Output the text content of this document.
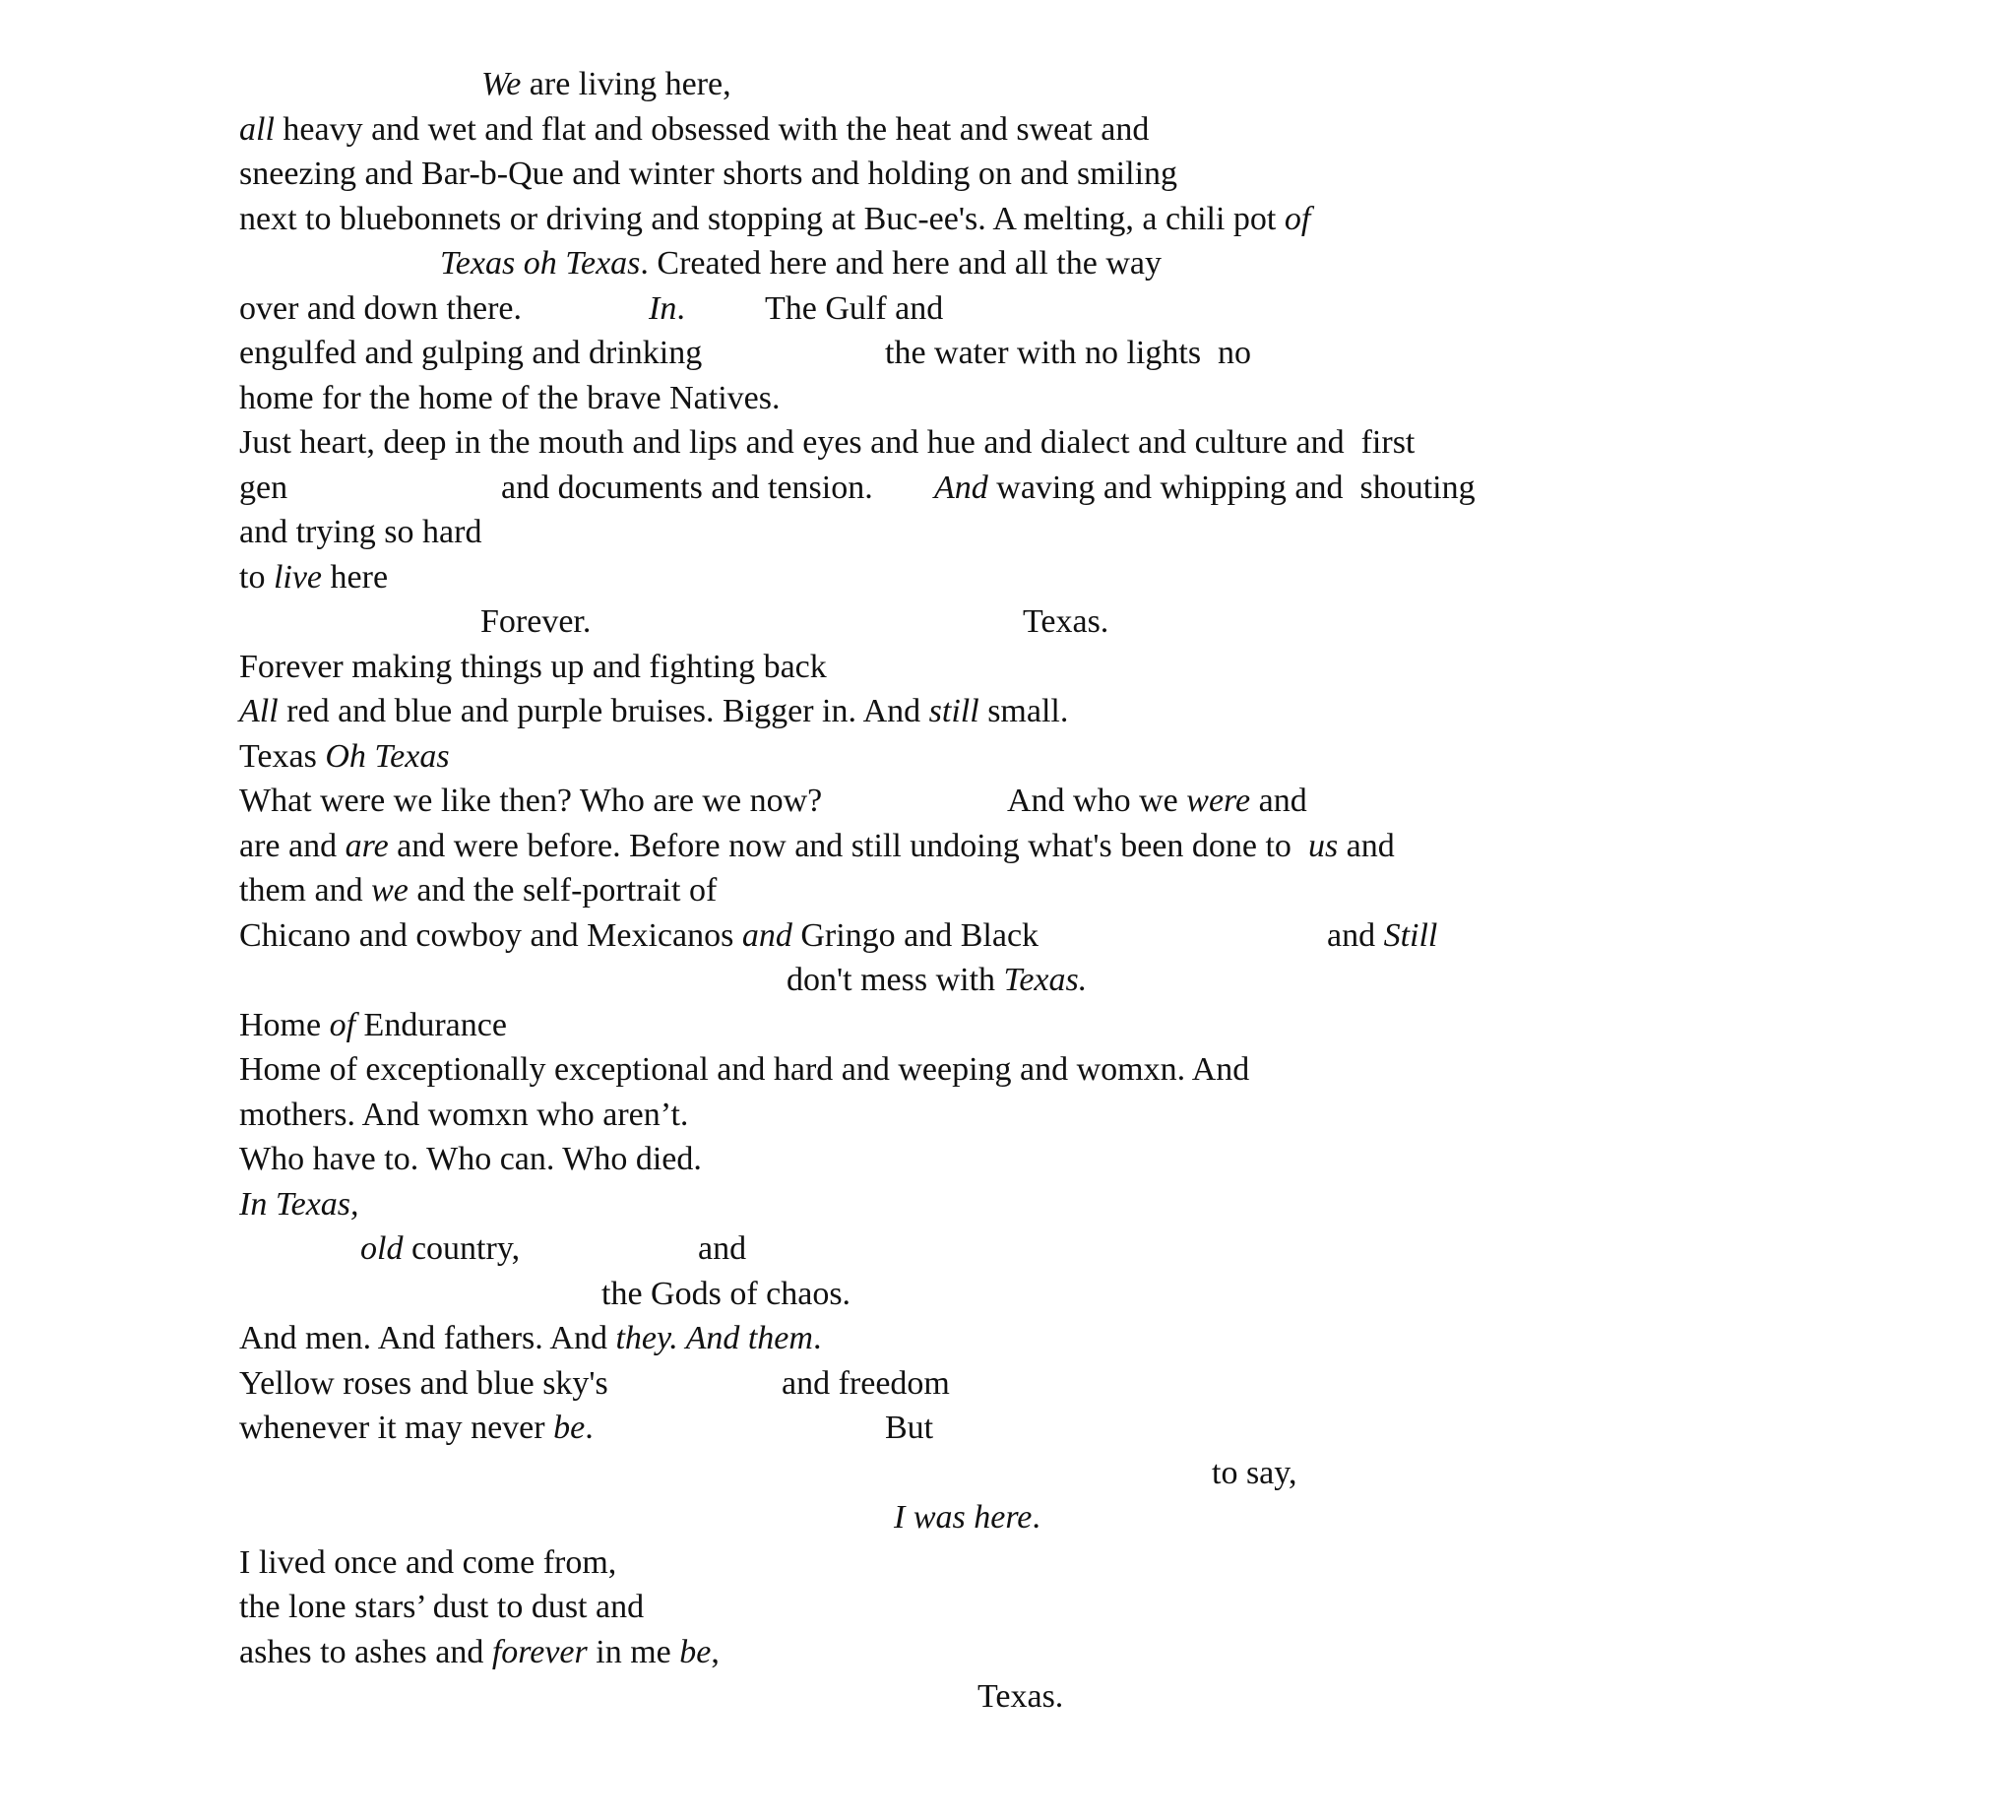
We are living here,
all heavy and wet and flat and obsessed with the heat and sweat and
sneezing and Bar-b-Que and winter shorts and holding on and smiling
next to bluebonnets or driving and stopping at Buc-ee's. A melting, a chili pot of
Texas oh Texas . Created here and here and all the way
over and down there.	In . The Gulf and
engulfed and gulping and drinking	the water with no lights  no
home for the home of the brave Natives.
Just heart, deep in the mouth and lips and eyes and hue and dialect and culture and  first
gen	and documents and tension. And waving and whipping and  shouting
and trying so hard
to live here
Forever.	Texas.
Forever making things up and fighting back
All red and blue and purple bruises. Bigger in. And still small.
Texas Oh Texas
What were we like then? Who are we now?	And who we were and
are and are and were before. Before now and still undoing what's been done to us and
them and we and the self-portrait of
Chicano and cowboy and Mexicanos and Gringo and Black	and Still
don't mess with Texas.
Home of Endurance
Home of exceptionally exceptional and hard and weeping and womxn. And
mothers. And womxn who aren’t.
Who have to. Who can. Who died.
In Texas,
old country,	and
the Gods of chaos.
And men. And fathers. And they. And them .
Yellow roses and blue sky's	and freedom
whenever it may never be .	But
to say,
I was here .
I lived once and come from,
the lone stars’ dust to dust and
ashes to ashes and forever in me be ,
Texas.
